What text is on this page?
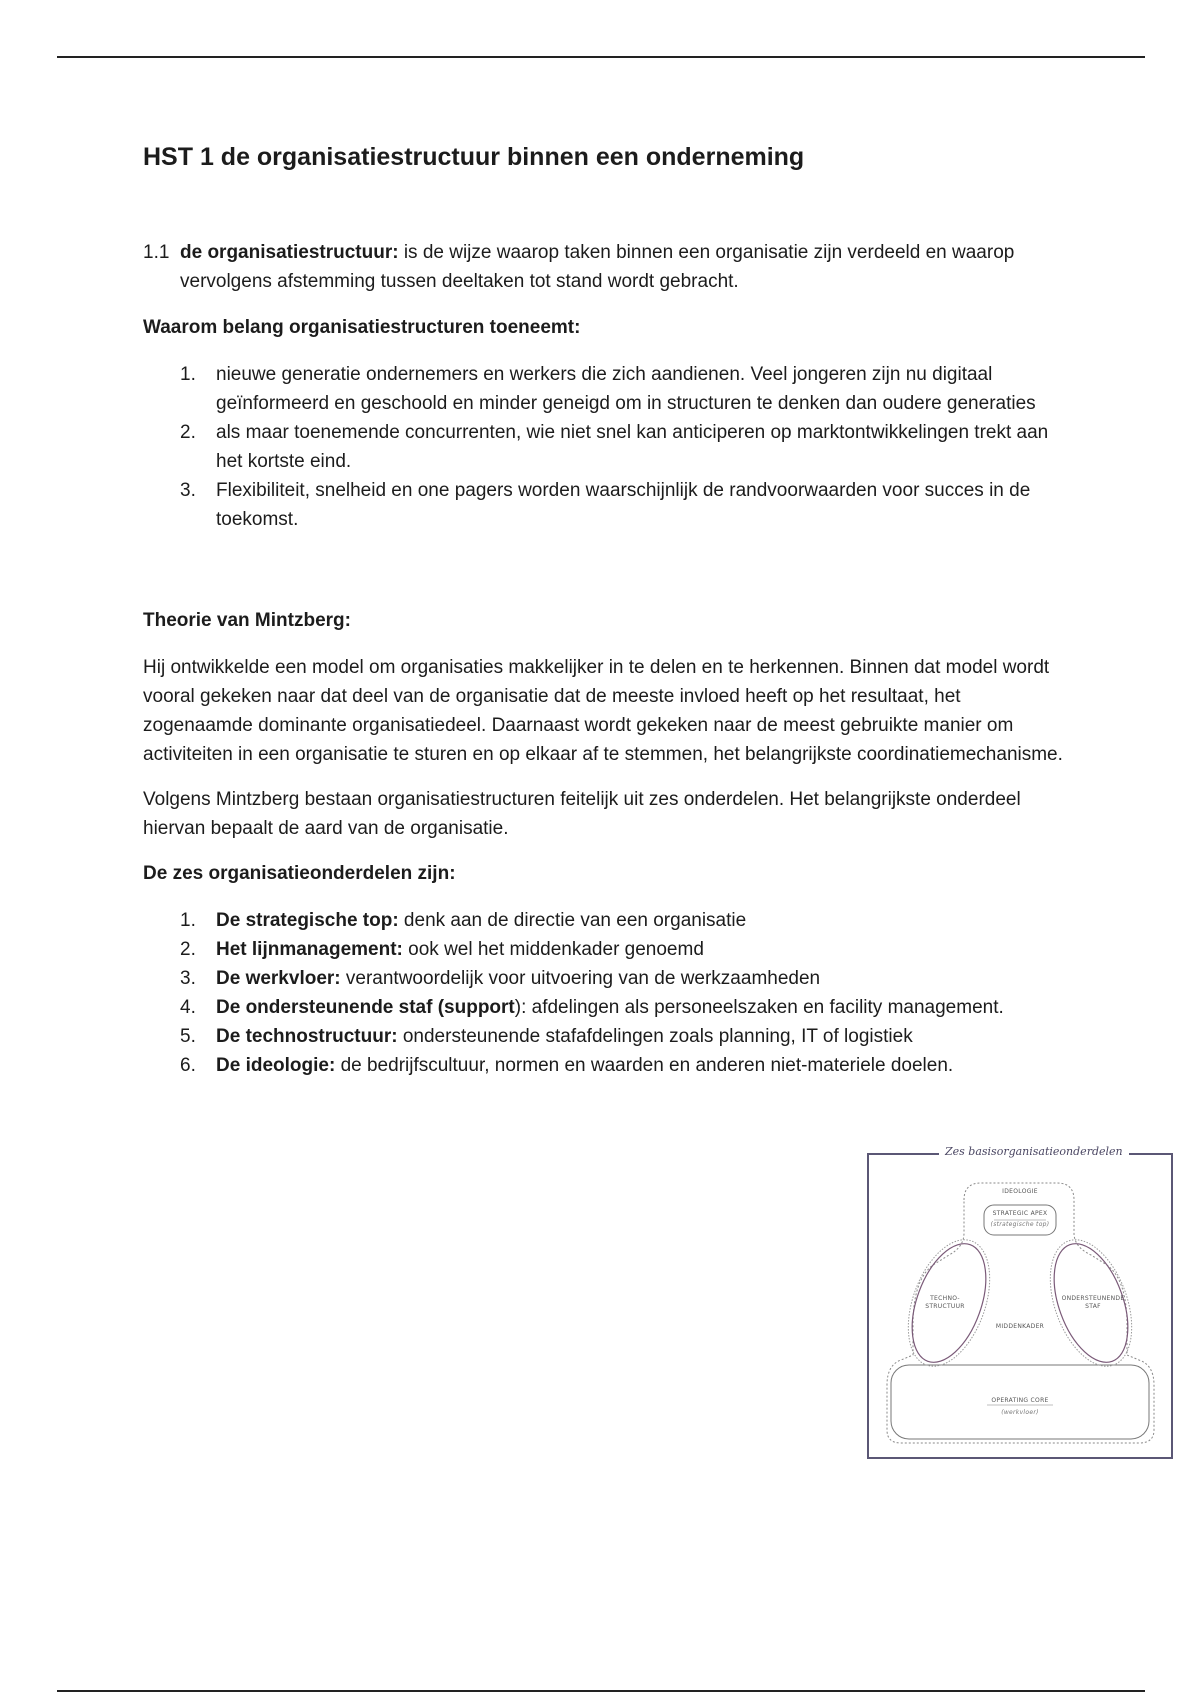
HST 1 de organisatiestructuur binnen een onderneming
1.1 de organisatiestructuur: is de wijze waarop taken binnen een organisatie zijn verdeeld en waarop vervolgens afstemming tussen deeltaken tot stand wordt gebracht.
Waarom belang organisatiestructuren toeneemt:
1.	nieuwe generatie ondernemers en werkers die zich aandienen. Veel jongeren zijn nu digitaal geïnformeerd en geschoold en minder geneigd om in structuren te denken dan oudere generaties
2.	als maar toenemende concurrenten, wie niet snel kan anticiperen op marktontwikkelingen trekt aan het kortste eind.
3.	Flexibiliteit, snelheid en one pagers worden waarschijnlijk de randvoorwaarden voor succes in de toekomst.
Theorie van Mintzberg:

Hij ontwikkelde een model om organisaties makkelijker in te delen en te herkennen. Binnen dat model wordt vooral gekeken naar dat deel van de organisatie dat de meeste invloed heeft op het resultaat, het zogenaamde dominante organisatiedeel. Daarnaast wordt gekeken naar de meest gebruikte manier om activiteiten in een organisatie te sturen en op elkaar af te stemmen, het belangrijkste coordinatiemechanisme.

Volgens Mintzberg bestaan organisatiestructuren feitelijk uit zes onderdelen. Het belangrijkste onderdeel hiervan bepaalt de aard van de organisatie.

De zes organisatieonderdelen zijn:
1.	De strategische top: denk aan de directie van een organisatie
2.	Het lijnmanagement: ook wel het middenkader genoemd
3.	De werkvloer: verantwoordelijk voor uitvoering van de werkzaamheden
4.	De ondersteunende staf (support): afdelingen als personeelszaken en facility management.
5.	De technostructuur: ondersteunende stafafdelingen zoals planning, IT of logistiek
6.	De ideologie: de bedrijfscultuur, normen en waarden en anderen niet-materiele doelen.
Zes basisorganisatieonderdelen
IDEOLOGIE
STRATEGIC APEX
(strategische top)
TECHNO-
STRUCTUUR
ONDERSTEUNENDE
STAF
MIDDENKADER
OPERATING CORE
(werkvloer)
